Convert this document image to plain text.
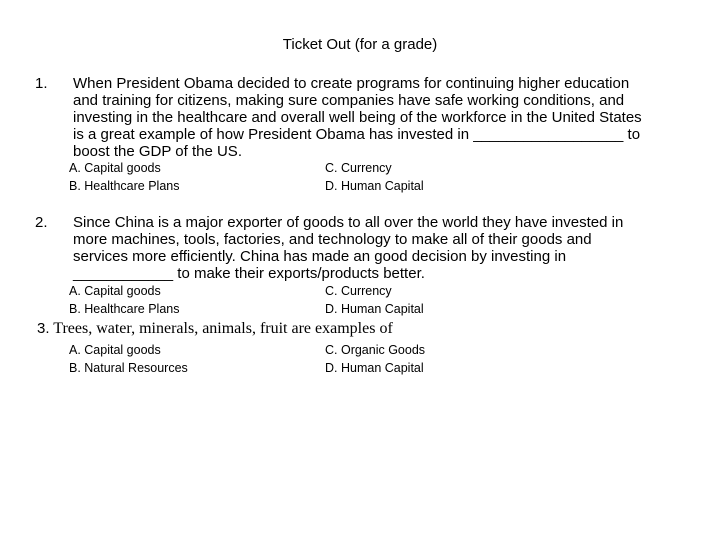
Ticket Out (for a grade)
1. When President Obama decided to create programs for continuing higher education
and training for citizens, making sure companies have safe working conditions, and
investing in the healthcare and overall well being of the workforce in the United States
is a great example of how President Obama has invested in __________________ to
boost the GDP of the US.
A. Capital goods
B. Healthcare Plans
C. Currency
D. Human Capital
2. Since China is a major exporter of goods to all over the world they have invested in
more machines, tools, factories, and technology to make all of their goods and
services more efficiently. China has made an good decision by investing in
____________ to make their exports/products better.
A. Capital goods
B. Healthcare Plans
C. Currency
D. Human Capital
3. Trees, water, minerals, animals, fruit are examples of
A. Capital goods
B. Natural Resources
C. Organic Goods
D. Human Capital
